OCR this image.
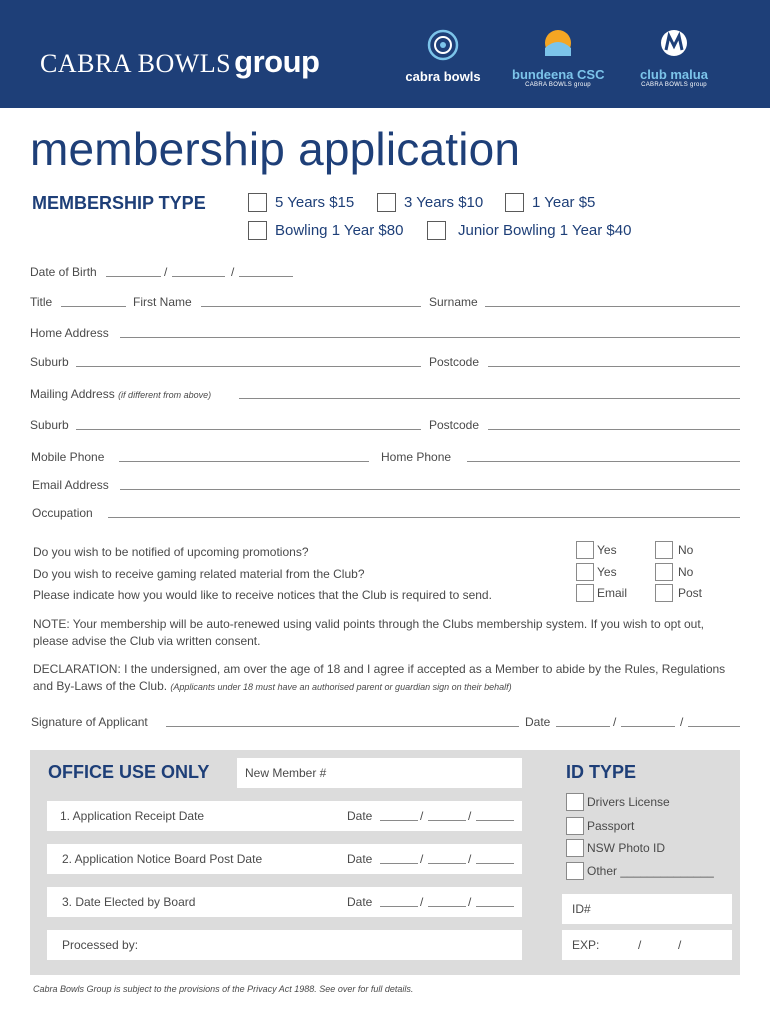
CABRA BOWLSgroup	cabra bowls	bundeena CSC
CABRA BOWLS group
club malua
CABRA BOWLS group
membership application
MEMBERSHIP TYPE	5 Years $15	3 Years $10	1 Year $5
Bowling 1 Year $80	Junior Bowling 1 Year $40
Date of Birth	/	/
Title	First Name	Surname
Home Address
Suburb	Postcode
Mailing Address (if different from above)
Suburb	Postcode
Mobile Phone	Home Phone
Email Address
Occupation
Do you wish to be notified of upcoming promotions?	Yes	No
Do you wish to receive gaming related material from the Club?	Yes	No
Please indicate how you would like to receive notices that the Club is required to send.	Email	Post
NOTE: Your membership will be auto-renewed using valid points through the Clubs membership system. If you wish to opt out, please advise the Club via written consent.
DECLARATION: I the undersigned, am over the age of 18 and I agree if accepted as a Member to abide by the Rules, Regulations and By-Laws of the Club. (Applicants under 18 must have an authorised parent or guardian sign on their behalf)
Signature of Applicant	Date	/	/
OFFICE USE ONLY	New Member #
1. Application Receipt Date	Date	/	/
2. Application Notice Board Post Date	Date	/	/
3. Date Elected by Board	Date	/	/
Processed by:
ID TYPE
Drivers License
Passport
NSW Photo ID
Other ______________
ID#
EXP:	/	/
Cabra Bowls Group is subject to the provisions of the Privacy Act 1988. See over for full details.
